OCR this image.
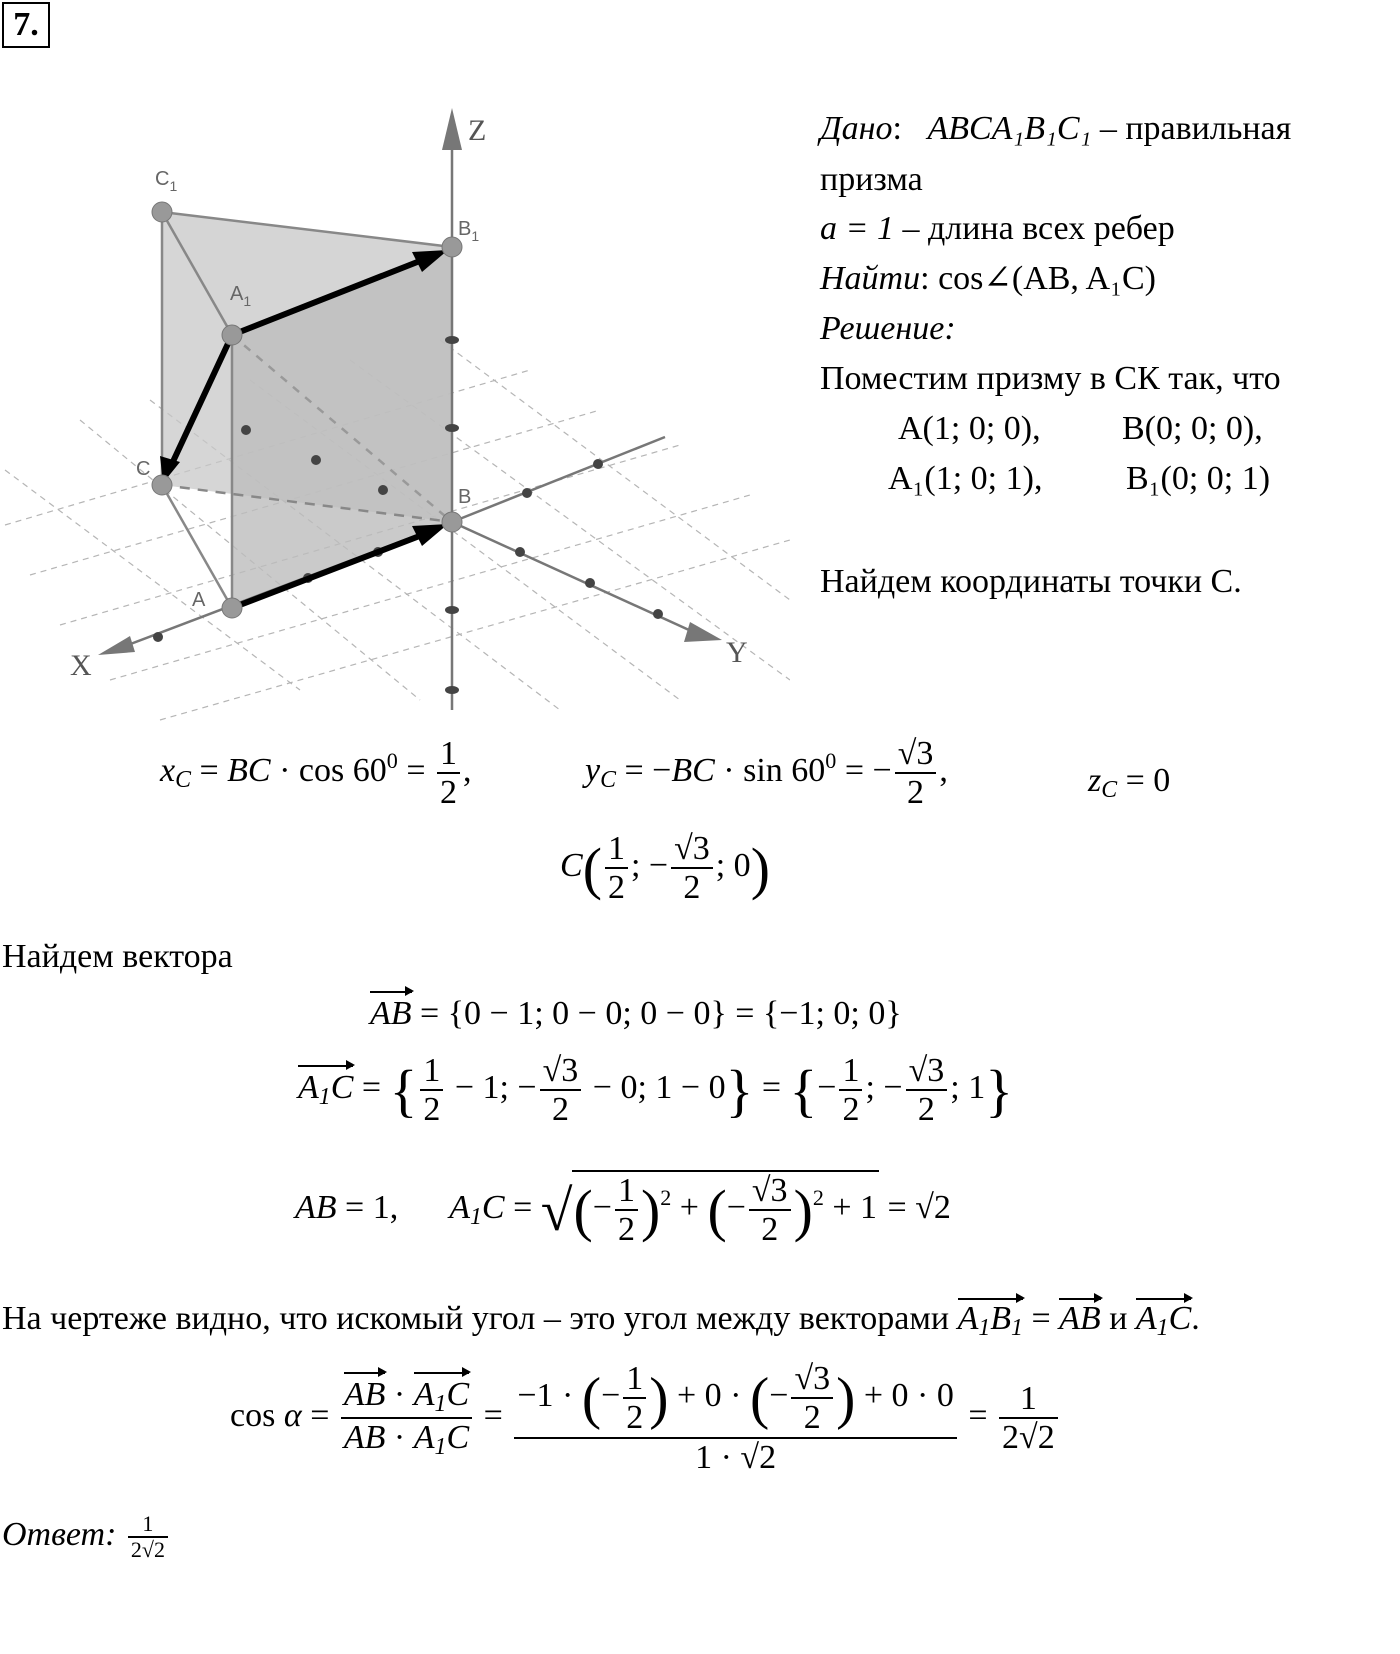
7.
$C_1$
$B_1$
$A_1$
C
B
A
Z
X	Y
Дано:   ABCA₁B₁C₁ – правильная
призма
a = 1 – длина всех ребер
Найти: cos∠(AB, A₁C)
Решение:
Поместим призму в СК так, что
A(1; 0; 0), B(0; 0; 0),
A₁(1; 0; 1), B₁(0; 0; 1)
Найдем координаты точки C.
$x_C$ = BC · $\cos 60^0 = \frac{1}{2}$ ,	$y_C = -BC \cdot \sin 60^0$ = − $\frac{√3}{2}$ ,	$z_C = 0$
$C( \frac{1}{2}$ ; − $\frac{√3}{2}$ ; 0)
Найдем вектора
AB = {0 − 1; 0 − 0; 0 − 0} = {−1; 0; 0}
$A_1C$ = { $\frac{1}{2} - 1$; − $\frac{√3}{2} - 0$; 1 − 0} = {− $\frac{1}{2}$ ; − $\frac{√3}{2}$ ; 1}
AB = 1,      $A_1C$ = √(− $\frac{1}{2} )^2$ + (− $\frac{√3}{2} )^2 + 1 = √2$
На чертеже видно, что искомый угол – это угол между векторами $A_1B_1$ = AB и $A_1C$.
$\cos \alpha = \frac{AB \cdot A_1C}{AB \cdot A_1C} = \frac{-1 \cdot (- \frac{1}{2} ) + 0 \cdot (- \frac{√3}{2} ) + 0 \cdot 0}{1 \cdot √2} = \frac{1}{2√2}$
Ответ: $\frac{1}{2√2}$
